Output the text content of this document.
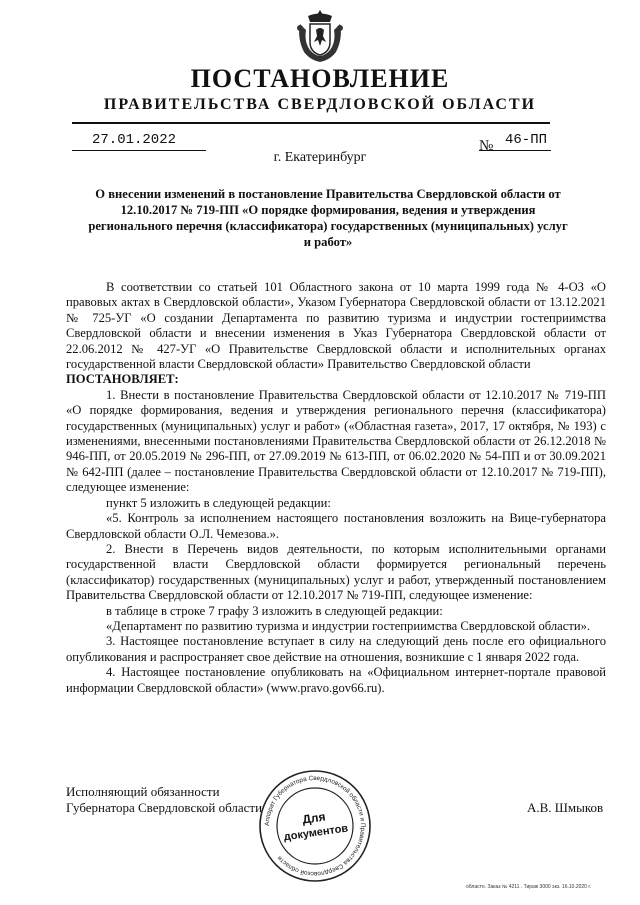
ПОСТАНОВЛЕНИЕ
ПРАВИТЕЛЬСТВА СВЕРДЛОВСКОЙ ОБЛАСТИ
27.01.2022	№ 46-ПП
г. Екатеринбург
О внесении изменений в постановление Правительства Свердловской области от 12.10.2017 № 719-ПП «О порядке формирования, ведения и утверждения регионального перечня (классификатора) государственных (муниципальных) услуг и работ»

В соответствии со статьей 101 Областного закона от 10 марта 1999 года № 4-ОЗ «О правовых актах в Свердловской области», Указом Губернатора Свердловской области от 13.12.2021 № 725-УГ «О создании Департамента по развитию туризма и индустрии гостеприимства Свердловской области и внесении изменения в Указ Губернатора Свердловской области от 22.06.2012 № 427-УГ «О Правительстве Свердловской области и исполнительных органах государственной власти Свердловской области» Правительство Свердловской области

ПОСТАНОВЛЯЕТ:

1. Внести в постановление Правительства Свердловской области от 12.10.2017 № 719-ПП «О порядке формирования, ведения и утверждения регионального перечня (классификатора) государственных (муниципальных) услуг и работ» («Областная газета», 2017, 17 октября, № 193) с изменениями, внесенными постановлениями Правительства Свердловской области от 26.12.2018 № 946-ПП, от 20.05.2019 № 296-ПП, от 27.09.2019 № 613-ПП, от 06.02.2020 № 54-ПП и от 30.09.2021 № 642-ПП (далее – постановление Правительства Свердловской области от 12.10.2017 № 719-ПП), следующее изменение:

пункт 5 изложить в следующей редакции:

«5. Контроль за исполнением настоящего постановления возложить на Вице-губернатора Свердловской области О.Л. Чемезова.».

2. Внести в Перечень видов деятельности, по которым исполнительными органами государственной власти Свердловской области формируется региональный перечень (классификатор) государственных (муниципальных) услуг и работ, утвержденный постановлением Правительства Свердловской области от 12.10.2017 № 719-ПП, следующее изменение:

в таблице в строке 7 графу 3 изложить в следующей редакции:

«Департамент по развитию туризма и индустрии гостеприимства Свердловской области».

3. Настоящее постановление вступает в силу на следующий день после его официального опубликования и распространяет свое действие на отношения, возникшие с 1 января 2022 года.

4. Настоящее постановление опубликовать на «Официальном интернет-портале правовой информации Свердловской области» (www.pravo.gov66.ru).

Исполняющий обязанности
Губернатора Свердловской области	А.В. Шмыков
Аппарат Губернатора Свердловской области и Правительства Свердловской области
Для
документов
областн. Заказ № 4211 . Тираж 3000 экз. 16.10.2020 г.
